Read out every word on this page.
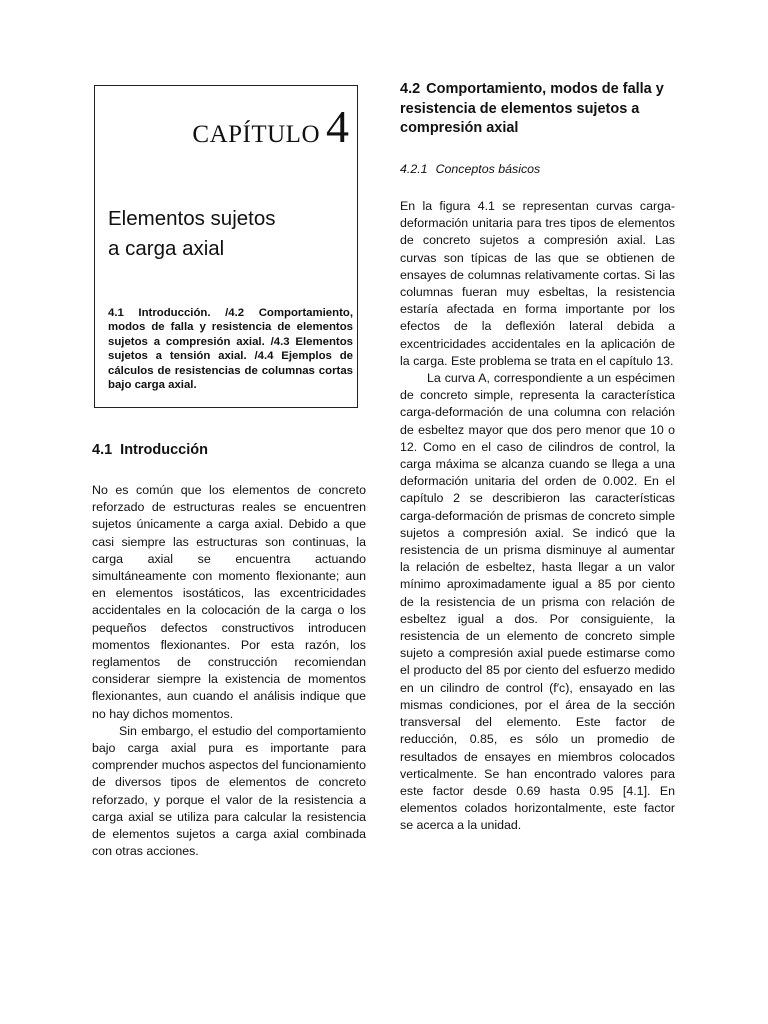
CAPÍTULO 4
Elementos sujetos
a carga axial

4.1 Introducción. /4.2 Comportamiento, modos de falla y resistencia de elementos sujetos a compresión axial. /4.3 Elementos sujetos a tensión axial. /4.4 Ejemplos de cálculos de resistencias de columnas cortas bajo carga axial.

4.1 Introducción

No es común que los elementos de concreto reforzado de estructuras reales se encuentren sujetos únicamente a carga axial. Debido a que casi siempre las estructuras son continuas, la carga axial se encuentra actuando simultáneamente con momento flexionante; aun en elementos isostáticos, las excentricidades accidentales en la colocación de la carga o los pequeños defectos constructivos introducen momentos flexionantes. Por esta razón, los reglamentos de construcción recomiendan considerar siempre la existencia de momentos flexionantes, aun cuando el análisis indique que no hay dichos momentos.

Sin embargo, el estudio del comportamiento bajo carga axial pura es importante para comprender muchos aspectos del funcionamiento de diversos tipos de elementos de concreto reforzado, y porque el valor de la resistencia a carga axial se utiliza para calcular la resistencia de elementos sujetos a carga axial combinada con otras acciones.

4.2 Comportamiento, modos de falla y resistencia de elementos sujetos a compresión axial
4.2.1 Conceptos básicos

En la figura 4.1 se representan curvas carga-deformación unitaria para tres tipos de elementos de concreto sujetos a compresión axial. Las curvas son típicas de las que se obtienen de ensayes de columnas relativamente cortas. Si las columnas fueran muy esbeltas, la resistencia estaría afectada en forma importante por los efectos de la deflexión lateral debida a excentricidades accidentales en la aplicación de la carga. Este problema se trata en el capítulo 13.

La curva A, correspondiente a un espécimen de concreto simple, representa la característica carga-deformación de una columna con relación de esbeltez mayor que dos pero menor que 10 o 12. Como en el caso de cilindros de control, la carga máxima se alcanza cuando se llega a una deformación unitaria del orden de 0.002. En el capítulo 2 se describieron las características carga-deformación de prismas de concreto simple sujetos a compresión axial. Se indicó que la resistencia de un prisma disminuye al aumentar la relación de esbeltez, hasta llegar a un valor mínimo aproximadamente igual a 85 por ciento de la resistencia de un prisma con relación de esbeltez igual a dos. Por consiguiente, la resistencia de un elemento de concreto simple sujeto a compresión axial puede estimarse como el producto del 85 por ciento del esfuerzo medido en un cilindro de control (f′c), ensayado en las mismas condiciones, por el área de la sección transversal del elemento. Este factor de reducción, 0.85, es sólo un promedio de resultados de ensayes en miembros colocados verticalmente. Se han encontrado valores para este factor desde 0.69 hasta 0.95 [4.1]. En elementos colados horizontalmente, este factor se acerca a la unidad.
